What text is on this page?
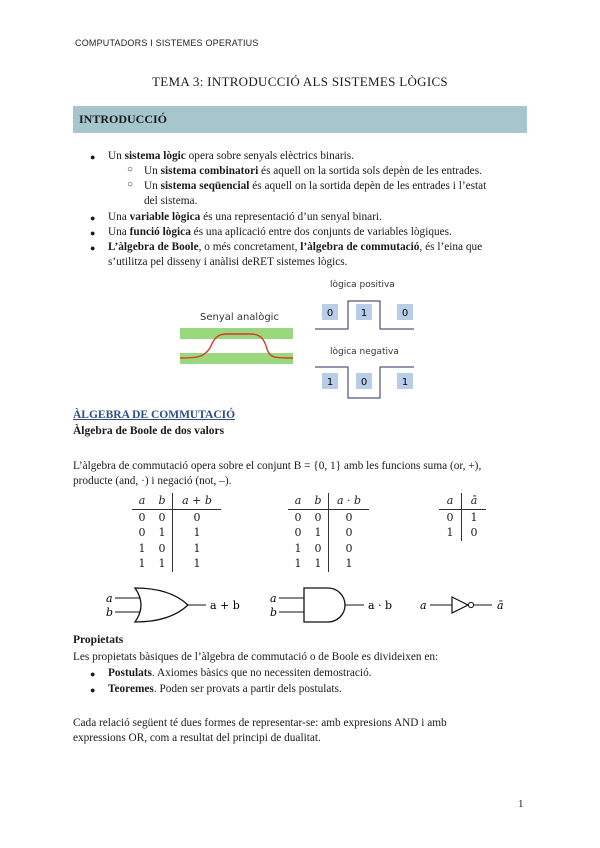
COMPUTADORS I SISTEMES OPERATIUS
TEMA 3: INTRODUCCIÓ ALS SISTEMES LÒGICS
INTRODUCCIÓ
● Un sistema lògic opera sobre senyals elèctrics binaris.
○ Un sistema combinatori és aquell on la sortida sols depèn de les entrades.
○ Un sistema seqüencial és aquell on la sortida depèn de les entrades i l’estat
del sistema.
● Una variable lògica és una representació d’un senyal binari.
● Una funció lògica és una aplicació entre dos conjunts de variables lògiques.
● L’àlgebra de Boole, o més concretament, l’àlgebra de commutació, és l’eina que
s’utilitza pel disseny i anàlisi deRET sistemes lògics.
Senyal analògic
lògica positiva
0	1	0
lògica negativa
1	0	1
ÀLGEBRA DE COMMUTACIÓ
Àlgebra de Boole de dos valors
L’àlgebra de commutació opera sobre el conjunt B = {0, 1} amb les funcions suma (or, +),
producte (and, ·) i negació (not, –).
a	b	a + b
0	0	0
0	1	1
1	0	1
1	1	1
a	b	a · b
0	0	0
0	1	0
1	0	0
1	1	1
a	ā
0	1
1	0
a
b
a + b
a
b
a · b	a	ā
Propietats
Les propietats bàsiques de l’àlgebra de commutació o de Boole es divideixen en:
● Postulats. Axiomes bàsics que no necessiten demostració.
● Teoremes. Poden ser provats a partir dels postulats.
Cada relació següent té dues formes de representar-se: amb expresions AND i amb
expressions OR, com a resultat del principi de dualitat.
1
